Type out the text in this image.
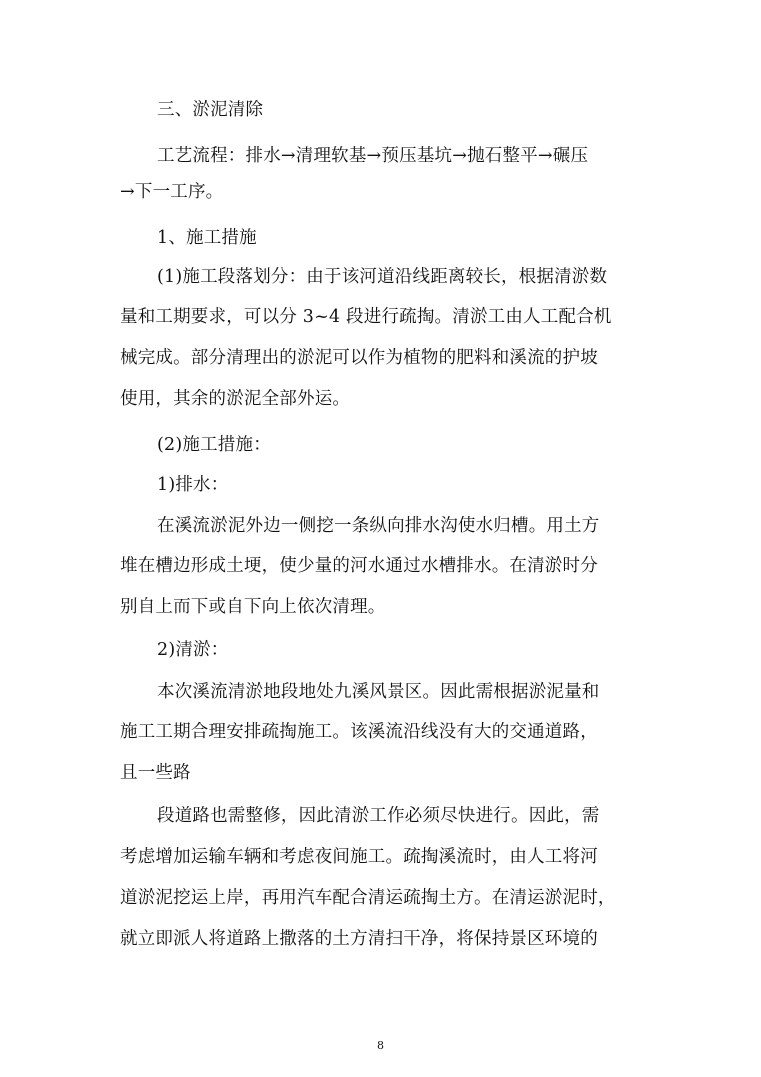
三、淤泥清除
工艺流程：排水→清理软基→预压基坑→抛石整平→碾压
→下一工序。
1、施工措施
(1)施工段落划分：由于该河道沿线距离较长，根据清淤数
量和工期要求，可以分 3~4 段进行疏掏。清淤工由人工配合机
械完成。部分清理出的淤泥可以作为植物的肥料和溪流的护坡
使用，其余的淤泥全部外运。
(2)施工措施：
1)排水：
在溪流淤泥外边一侧挖一条纵向排水沟使水归槽。用土方
堆在槽边形成土埂，使少量的河水通过水槽排水。在清淤时分
别自上而下或自下向上依次清理。
2)清淤：
本次溪流清淤地段地处九溪风景区。因此需根据淤泥量和
施工工期合理安排疏掏施工。该溪流沿线没有大的交通道路，
且一些路
段道路也需整修，因此清淤工作必须尽快进行。因此，需
考虑增加运输车辆和考虑夜间施工。疏掏溪流时，由人工将河
道淤泥挖运上岸，再用汽车配合清运疏掏土方。在清运淤泥时，
就立即派人将道路上撒落的土方清扫干净，将保持景区环境的
8
